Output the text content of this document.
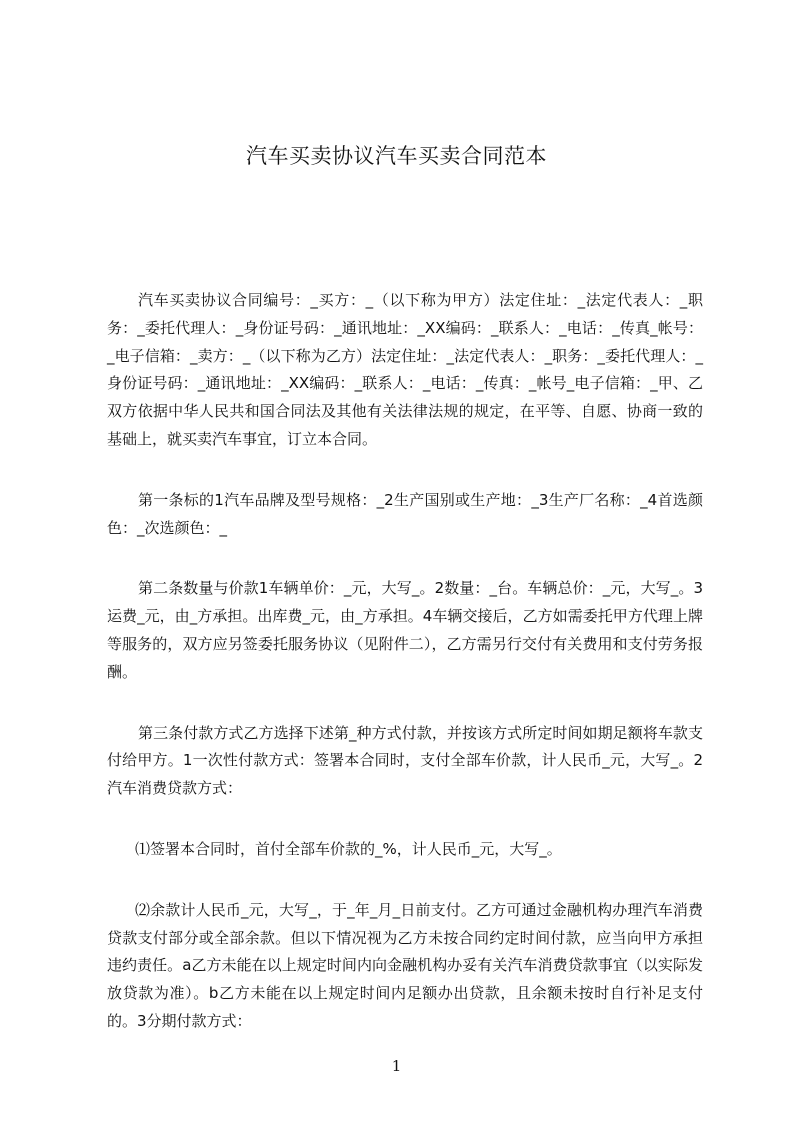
汽车买卖协议汽车买卖合同范本

汽车买卖协议合同编号：_买方：_（以下称为甲方）法定住址：_法定代表人：_职务：_委托代理人：_身份证号码：_通讯地址：_XX编码：_联系人：_电话：_传真_帐号：_电子信箱：_卖方：_（以下称为乙方）法定住址：_法定代表人：_职务：_委托代理人：_身份证号码：_通讯地址：_XX编码：_联系人：_电话：_传真：_帐号_电子信箱：_甲、乙双方依据中华人民共和国合同法及其他有关法律法规的规定，在平等、自愿、协商一致的基础上，就买卖汽车事宜，订立本合同。

第一条标的1汽车品牌及型号规格：_2生产国别或生产地：_3生产厂名称：_4首选颜色：_次选颜色：_

第二条数量与价款1车辆单价：_元，大写_。2数量：_台。车辆总价：_元，大写_。3运费_元，由_方承担。出库费_元，由_方承担。4车辆交接后，乙方如需委托甲方代理上牌等服务的，双方应另签委托服务协议（见附件二），乙方需另行交付有关费用和支付劳务报酬。

第三条付款方式乙方选择下述第_种方式付款，并按该方式所定时间如期足额将车款支付给甲方。1一次性付款方式：签署本合同时，支付全部车价款，计人民币_元，大写_。2汽车消费贷款方式：

⑴签署本合同时，首付全部车价款的_%，计人民币_元，大写_。

⑵余款计人民币_元，大写_，于_年_月_日前支付。乙方可通过金融机构办理汽车消费贷款支付部分或全部余款。但以下情况视为乙方未按合同约定时间付款，应当向甲方承担违约责任。a乙方未能在以上规定时间内向金融机构办妥有关汽车消费贷款事宜（以实际发放贷款为准）。b乙方未能在以上规定时间内足额办出贷款，且余额未按时自行补足支付的。3分期付款方式：

1
